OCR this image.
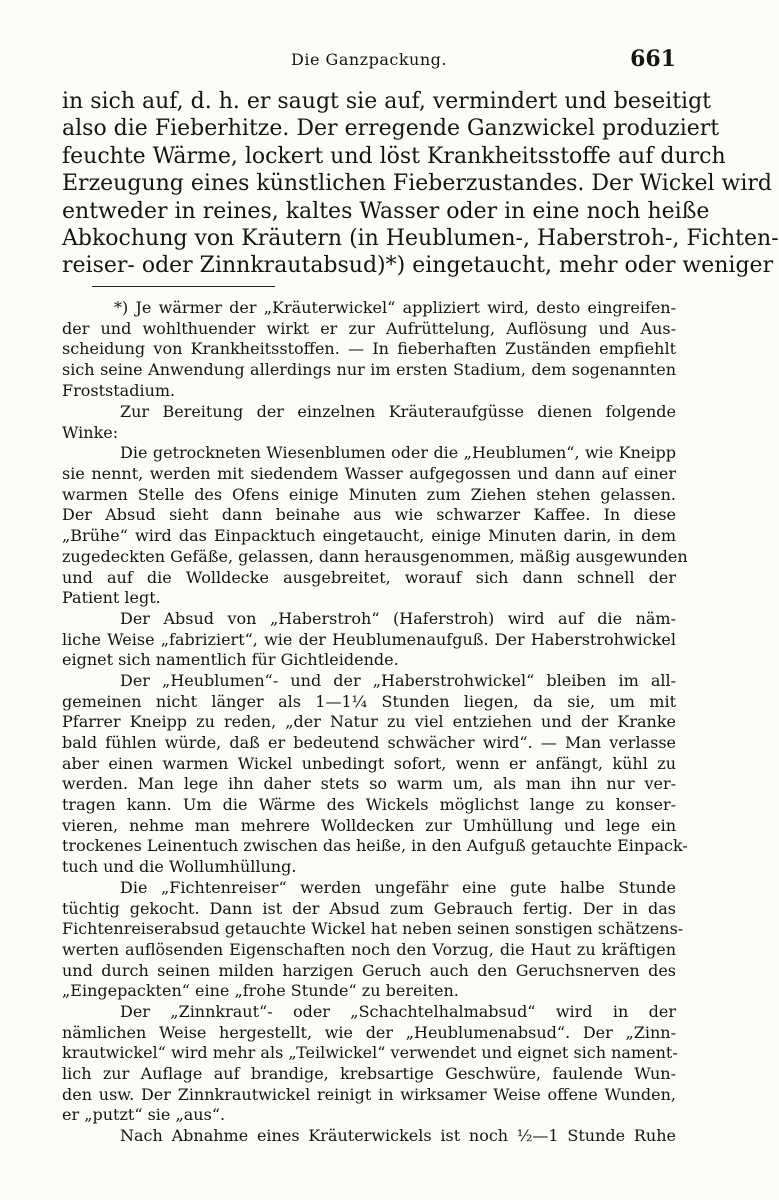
Die Ganzpackung.	661
in sich auf, d. h. er saugt sie auf, vermindert und beseitigt
also die Fieberhitze. Der erregende Ganzwickel produziert
feuchte Wärme, lockert und löst Krankheitsstoffe auf durch
Erzeugung eines künstlichen Fieberzustandes. Der Wickel wird
entweder in reines, kaltes Wasser oder in eine noch heiße
Abkochung von Kräutern (in Heublumen-, Haberstroh-, Fichten-
reiser- oder Zinnkrautabsud)*) eingetaucht, mehr oder weniger
*) Je wärmer der „Kräuterwickel“ appliziert wird, desto eingreifen-
der und wohlthuender wirkt er zur Aufrüttelung, Auflösung und Aus-
scheidung von Krankheitsstoffen. — In fieberhaften Zuständen empfiehlt
sich seine Anwendung allerdings nur im ersten Stadium, dem sogenannten
Froststadium.
Zur Bereitung der einzelnen Kräuteraufgüsse dienen folgende
Winke:
Die getrockneten Wiesenblumen oder die „Heublumen“, wie Kneipp
sie nennt, werden mit siedendem Wasser aufgegossen und dann auf einer
warmen Stelle des Ofens einige Minuten zum Ziehen stehen gelassen.
Der Absud sieht dann beinahe aus wie schwarzer Kaffee. In diese
„Brühe“ wird das Einpacktuch eingetaucht, einige Minuten darin, in dem
zugedeckten Gefäße, gelassen, dann herausgenommen, mäßig ausgewunden
und auf die Wolldecke ausgebreitet, worauf sich dann schnell der
Patient legt.
Der Absud von „Haberstroh“ (Haferstroh) wird auf die näm-
liche Weise „fabriziert“, wie der Heublumenaufguß. Der Haberstrohwickel
eignet sich namentlich für Gichtleidende.
Der „Heublumen“- und der „Haberstrohwickel“ bleiben im all-
gemeinen nicht länger als 1—1¼ Stunden liegen, da sie, um mit
Pfarrer Kneipp zu reden, „der Natur zu viel entziehen und der Kranke
bald fühlen würde, daß er bedeutend schwächer wird“. — Man verlasse
aber einen warmen Wickel unbedingt sofort, wenn er anfängt, kühl zu
werden. Man lege ihn daher stets so warm um, als man ihn nur ver-
tragen kann. Um die Wärme des Wickels möglichst lange zu konser-
vieren, nehme man mehrere Wolldecken zur Umhüllung und lege ein
trockenes Leinentuch zwischen das heiße, in den Aufguß getauchte Einpack-
tuch und die Wollumhüllung.
Die „Fichtenreiser“ werden ungefähr eine gute halbe Stunde
tüchtig gekocht. Dann ist der Absud zum Gebrauch fertig. Der in das
Fichtenreiserabsud getauchte Wickel hat neben seinen sonstigen schätzens-
werten auflösenden Eigenschaften noch den Vorzug, die Haut zu kräftigen
und durch seinen milden harzigen Geruch auch den Geruchsnerven des
„Eingepackten“ eine „frohe Stunde“ zu bereiten.
Der „Zinnkraut“- oder „Schachtelhalmabsud“ wird in der
nämlichen Weise hergestellt, wie der „Heublumenabsud“. Der „Zinn-
krautwickel“ wird mehr als „Teilwickel“ verwendet und eignet sich nament-
lich zur Auflage auf brandige, krebsartige Geschwüre, faulende Wun-
den usw. Der Zinnkrautwickel reinigt in wirksamer Weise offene Wunden,
er „putzt“ sie „aus“.
Nach Abnahme eines Kräuterwickels ist noch ½—1 Stunde Ruhe
